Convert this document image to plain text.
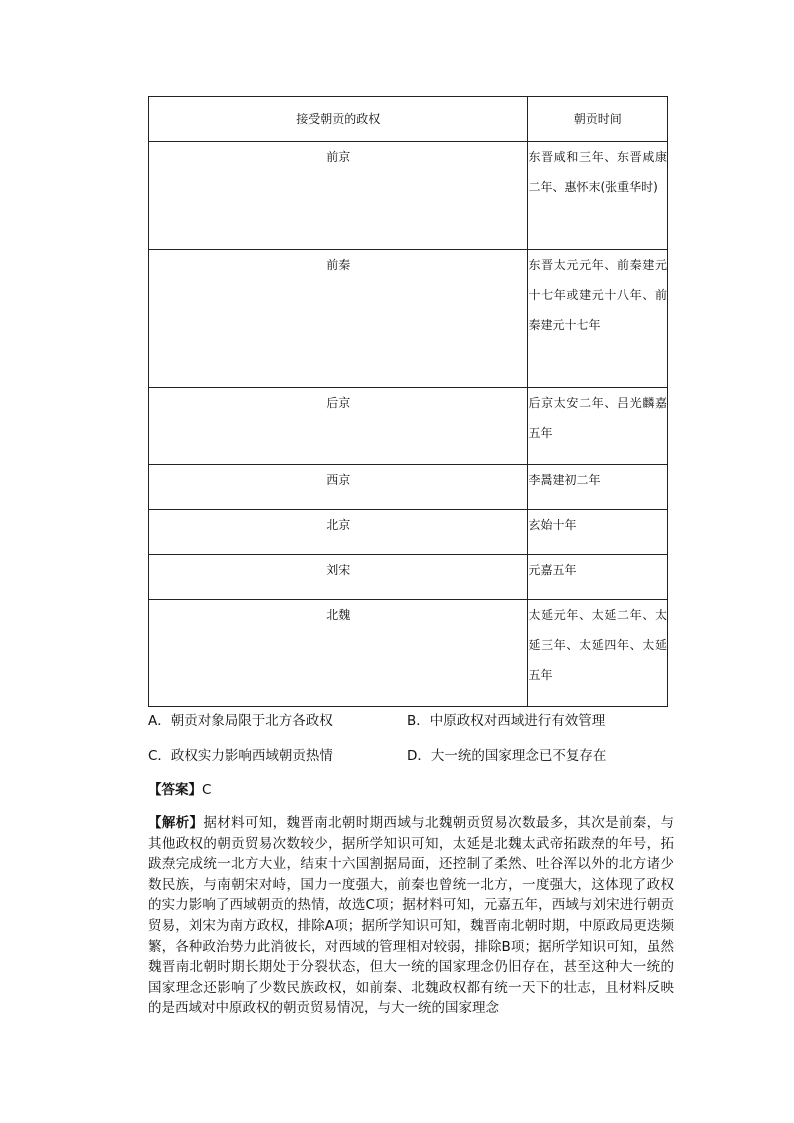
接受朝贡的政权	朝贡时间
前京	东晋咸和三年、东晋咸康二年、惠怀末(张重华时)
前秦	东晋太元元年、前秦建元十七年或建元十八年、前秦建元十七年
后京	后京太安二年、吕光麟嘉五年
西京	李暠建初二年
北京	玄始十年
刘宋	元嘉五年
北魏	太延元年、太延二年、太延三年、太延四年、太延五年
A．朝贡对象局限于北方各政权	B．中原政权对西域进行有效管理
C．政权实力影响西域朝贡热情	D．大一统的国家理念已不复存在
【答案】C
【解析】据材料可知，魏晋南北朝时期西域与北魏朝贡贸易次数最多，其次是前秦，与其他政权的朝贡贸易次数较少，据所学知识可知，太延是北魏太武帝拓跋焘的年号，拓跋焘完成统一北方大业，结束十六国割据局面，还控制了柔然、吐谷浑以外的北方诸少数民族，与南朝宋对峙，国力一度强大，前秦也曾统一北方，一度强大，这体现了政权的实力影响了西域朝贡的热情，故选C项；据材料可知，元嘉五年，西域与刘宋进行朝贡贸易，刘宋为南方政权，排除A项；据所学知识可知，魏晋南北朝时期，中原政局更迭频繁，各种政治势力此消彼长，对西域的管理相对较弱，排除B项；据所学知识可知，虽然魏晋南北朝时期长期处于分裂状态，但大一统的国家理念仍旧存在，甚至这种大一统的国家理念还影响了少数民族政权，如前秦、北魏政权都有统一天下的壮志，且材料反映的是西域对中原政权的朝贡贸易情况，与大一统的国家理念
